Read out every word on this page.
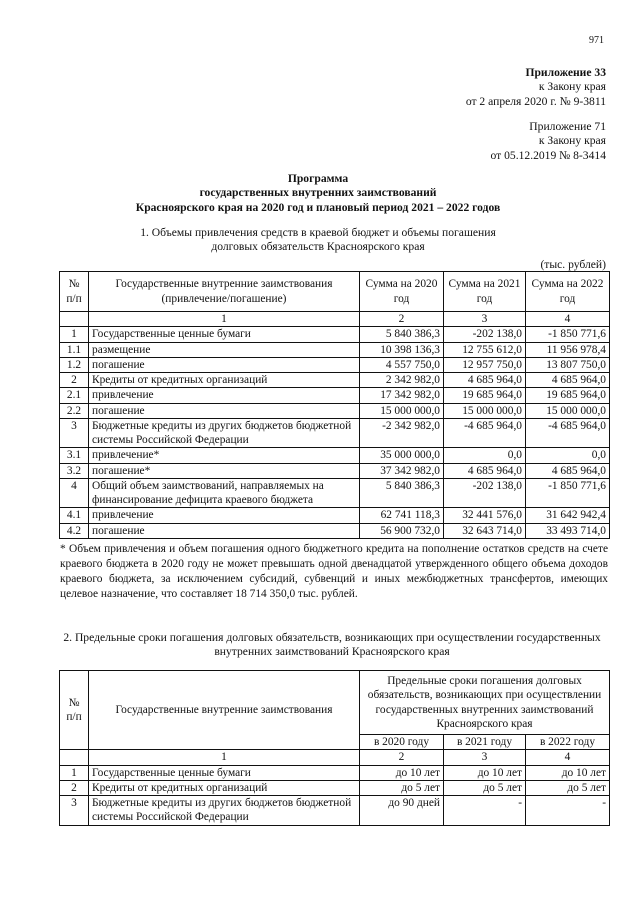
971
Приложение 33
к Закону края
от 2 апреля 2020 г. № 9-3811
Приложение 71
к Закону края
от 05.12.2019 № 8-3414
Программа
государственных внутренних заимствований
Красноярского края на 2020 год и плановый период 2021 – 2022 годов
1. Объемы привлечения средств в краевой бюджет и объемы погашения
долговых обязательств Красноярского края
(тыс. рублей)
№ п/п	Государственные внутренние заимствования (привлечение/погашение)	Сумма на 2020 год	Сумма на 2021 год	Сумма на 2022 год
	1	2	3	4
1	Государственные ценные бумаги	5 840 386,3	-202 138,0	-1 850 771,6
1.1	размещение	10 398 136,3	12 755 612,0	11 956 978,4
1.2	погашение	4 557 750,0	12 957 750,0	13 807 750,0
2	Кредиты от кредитных организаций	2 342 982,0	4 685 964,0	4 685 964,0
2.1	привлечение	17 342 982,0	19 685 964,0	19 685 964,0
2.2	погашение	15 000 000,0	15 000 000,0	15 000 000,0
3	Бюджетные кредиты из других бюджетов бюджетной системы Российской Федерации	-2 342 982,0	-4 685 964,0	-4 685 964,0
3.1	привлечение*	35 000 000,0	0,0	0,0
3.2	погашение*	37 342 982,0	4 685 964,0	4 685 964,0
4	Общий объем заимствований, направляемых на финансирование дефицита краевого бюджета	5 840 386,3	-202 138,0	-1 850 771,6
4.1	привлечение	62 741 118,3	32 441 576,0	31 642 942,4
4.2	погашение	56 900 732,0	32 643 714,0	33 493 714,0
* Объем привлечения и объем погашения одного бюджетного кредита на пополнение остатков средств на счете краевого бюджета в 2020 году не может превышать одной двенадцатой утвержденного общего объема доходов краевого бюджета, за исключением субсидий, субвенций и иных межбюджетных трансфертов, имеющих целевое назначение, что составляет 18 714 350,0 тыс. рублей.
2. Предельные сроки погашения долговых обязательств, возникающих при осуществлении государственных
внутренних заимствований Красноярского края
№ п/п	Государственные внутренние заимствования	Предельные сроки погашения долговых обязательств, возникающих при осуществлении государственных внутренних заимствований Красноярского края		
		в 2020 году	в 2021 году	в 2022 году
	1	2	3	4
1	Государственные ценные бумаги	до 10 лет	до 10 лет	до 10 лет
2	Кредиты от кредитных организаций	до 5 лет	до 5 лет	до 5 лет
3	Бюджетные кредиты из других бюджетов бюджетной системы Российской Федерации	до 90 дней	-	-
